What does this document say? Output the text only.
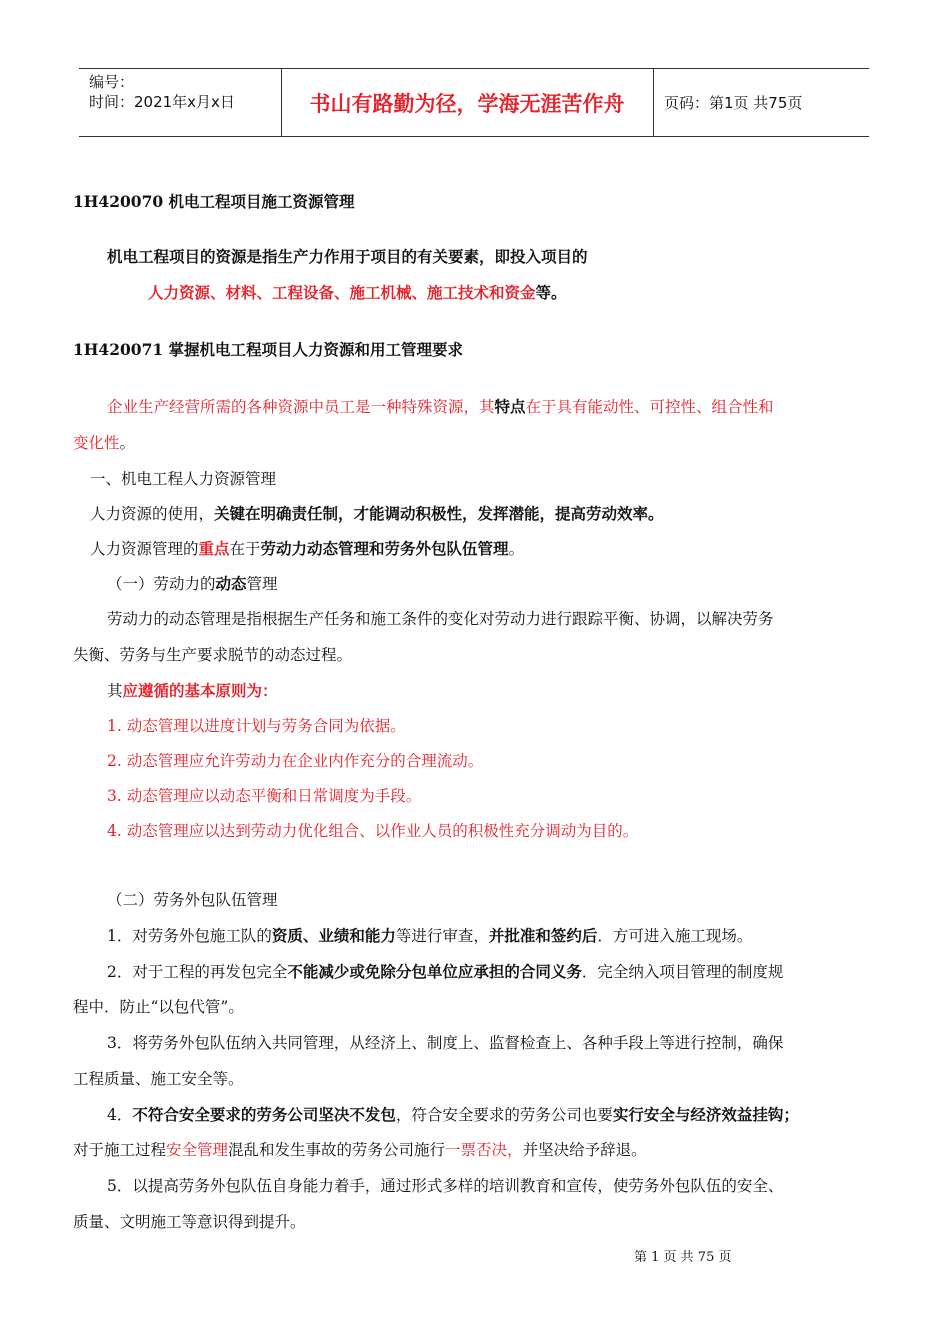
编号：
时间：2021年x月x日	书山有路勤为径，学海无涯苦作舟	页码：第1页 共75页
1H420070 机电工程项目施工资源管理
机电工程项目的资源是指生产力作用于项目的有关要素，即投入项目的
人力资源、材料、工程设备、施工机械、施工技术和资金等。
1H420071 掌握机电工程项目人力资源和用工管理要求
企业生产经营所需的各种资源中员工是一种特殊资源，其特点在于具有能动性、可控性、组合性和
变化性。
一、机电工程人力资源管理
人力资源的使用，关键在明确责任制，才能调动积极性，发挥潜能，提高劳动效率。
人力资源管理的重点在于劳动力动态管理和劳务外包队伍管理。
（一）劳动力的动态管理
劳动力的动态管理是指根据生产任务和施工条件的变化对劳动力进行跟踪平衡、协调，以解决劳务
失衡、劳务与生产要求脱节的动态过程。
其应遵循的基本原则为：
1. 动态管理以进度计划与劳务合同为依据。
2. 动态管理应允许劳动力在企业内作充分的合理流动。
3. 动态管理应以动态平衡和日常调度为手段。
4. 动态管理应以达到劳动力优化组合、以作业人员的积极性充分调动为目的。
（二）劳务外包队伍管理
1．对劳务外包施工队的资质、业绩和能力等进行审查，并批准和签约后．方可进入施工现场。
2．对于工程的再发包完全不能减少或免除分包单位应承担的合同义务．完全纳入项目管理的制度规
程中．防止“以包代管”。
3．将劳务外包队伍纳入共同管理，从经济上、制度上、监督检查上、各种手段上等进行控制，确保
工程质量、施工安全等。
4．不符合安全要求的劳务公司坚决不发包，符合安全要求的劳务公司也要实行安全与经济效益挂钩；
对于施工过程安全管理混乱和发生事故的劳务公司施行一票否决，并坚决给予辞退。
5．以提高劳务外包队伍自身能力着手，通过形式多样的培训教育和宣传，使劳务外包队伍的安全、
质量、文明施工等意识得到提升。
第 1 页 共 75 页
